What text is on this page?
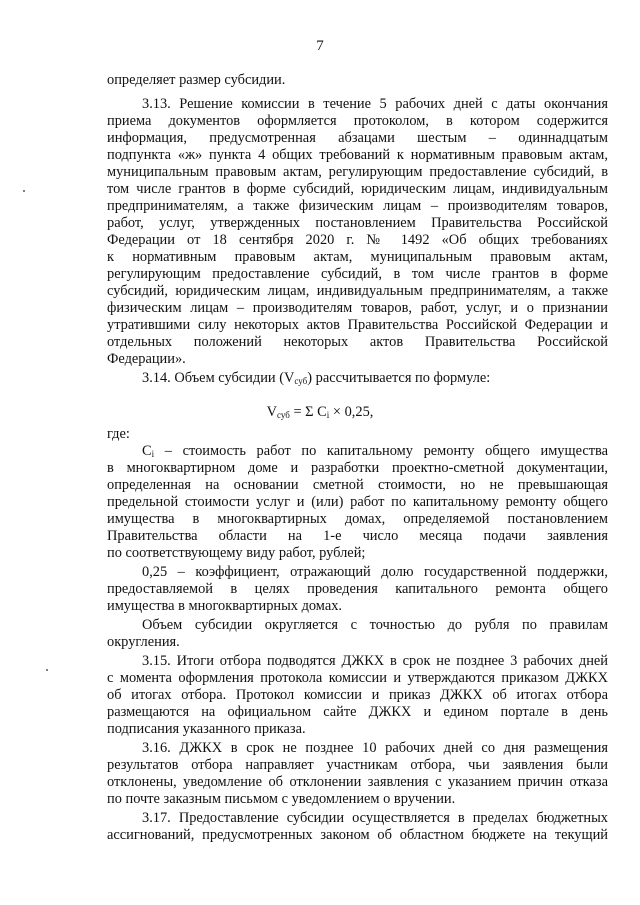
7
определяет размер субсидии.
3.13. Решение комиссии в течение 5 рабочих дней с даты окончания
приема документов оформляется протоколом, в котором содержится
информация, предусмотренная абзацами шестым – одиннадцатым
подпункта «ж» пункта 4 общих требований к нормативным правовым актам,
муниципальным правовым актам, регулирующим предоставление субсидий, в
том числе грантов в форме субсидий, юридическим лицам, индивидуальным
предпринимателям, а также физическим лицам – производителям товаров,
работ, услуг, утвержденных постановлением Правительства Российской
Федерации от 18 сентября 2020 г. № 1492 «Об общих требованиях
к нормативным правовым актам, муниципальным правовым актам,
регулирующим предоставление субсидий, в том числе грантов в форме
субсидий, юридическим лицам, индивидуальным предпринимателям, а также
физическим лицам – производителям товаров, работ, услуг, и о признании
утратившими силу некоторых актов Правительства Российской Федерации и
отдельных положений некоторых актов Правительства Российской
Федерации».
3.14. Объем субсидии $(V_{суб})$ рассчитывается по формуле:
$V_{суб} = \Sigma$ $C_i \times 0,25$,
где:
$C_i$ – стоимость работ по капитальному ремонту общего имущества
в многоквартирном доме и разработки проектно-сметной документации,
определенная на основании сметной стоимости, но не превышающая
предельной стоимости услуг и (или) работ по капитальному ремонту общего
имущества в многоквартирных домах, определяемой постановлением
Правительства области на 1-е число месяца подачи заявления
по соответствующему виду работ, рублей;
0,25 – коэффициент, отражающий долю государственной поддержки,
предоставляемой в целях проведения капитального ремонта общего
имущества в многоквартирных домах.
Объем субсидии округляется с точностью до рубля по правилам
округления.
3.15. Итоги отбора подводятся ДЖКХ в срок не позднее 3 рабочих дней
с момента оформления протокола комиссии и утверждаются приказом ДЖКХ
об итогах отбора. Протокол комиссии и приказ ДЖКХ об итогах отбора
размещаются на официальном сайте ДЖКХ и едином портале в день
подписания указанного приказа.
3.16. ДЖКХ в срок не позднее 10 рабочих дней со дня размещения
результатов отбора направляет участникам отбора, чьи заявления были
отклонены, уведомление об отклонении заявления с указанием причин отказа
по почте заказным письмом с уведомлением о вручении.
3.17. Предоставление субсидии осуществляется в пределах бюджетных
ассигнований, предусмотренных законом об областном бюджете на текущий
